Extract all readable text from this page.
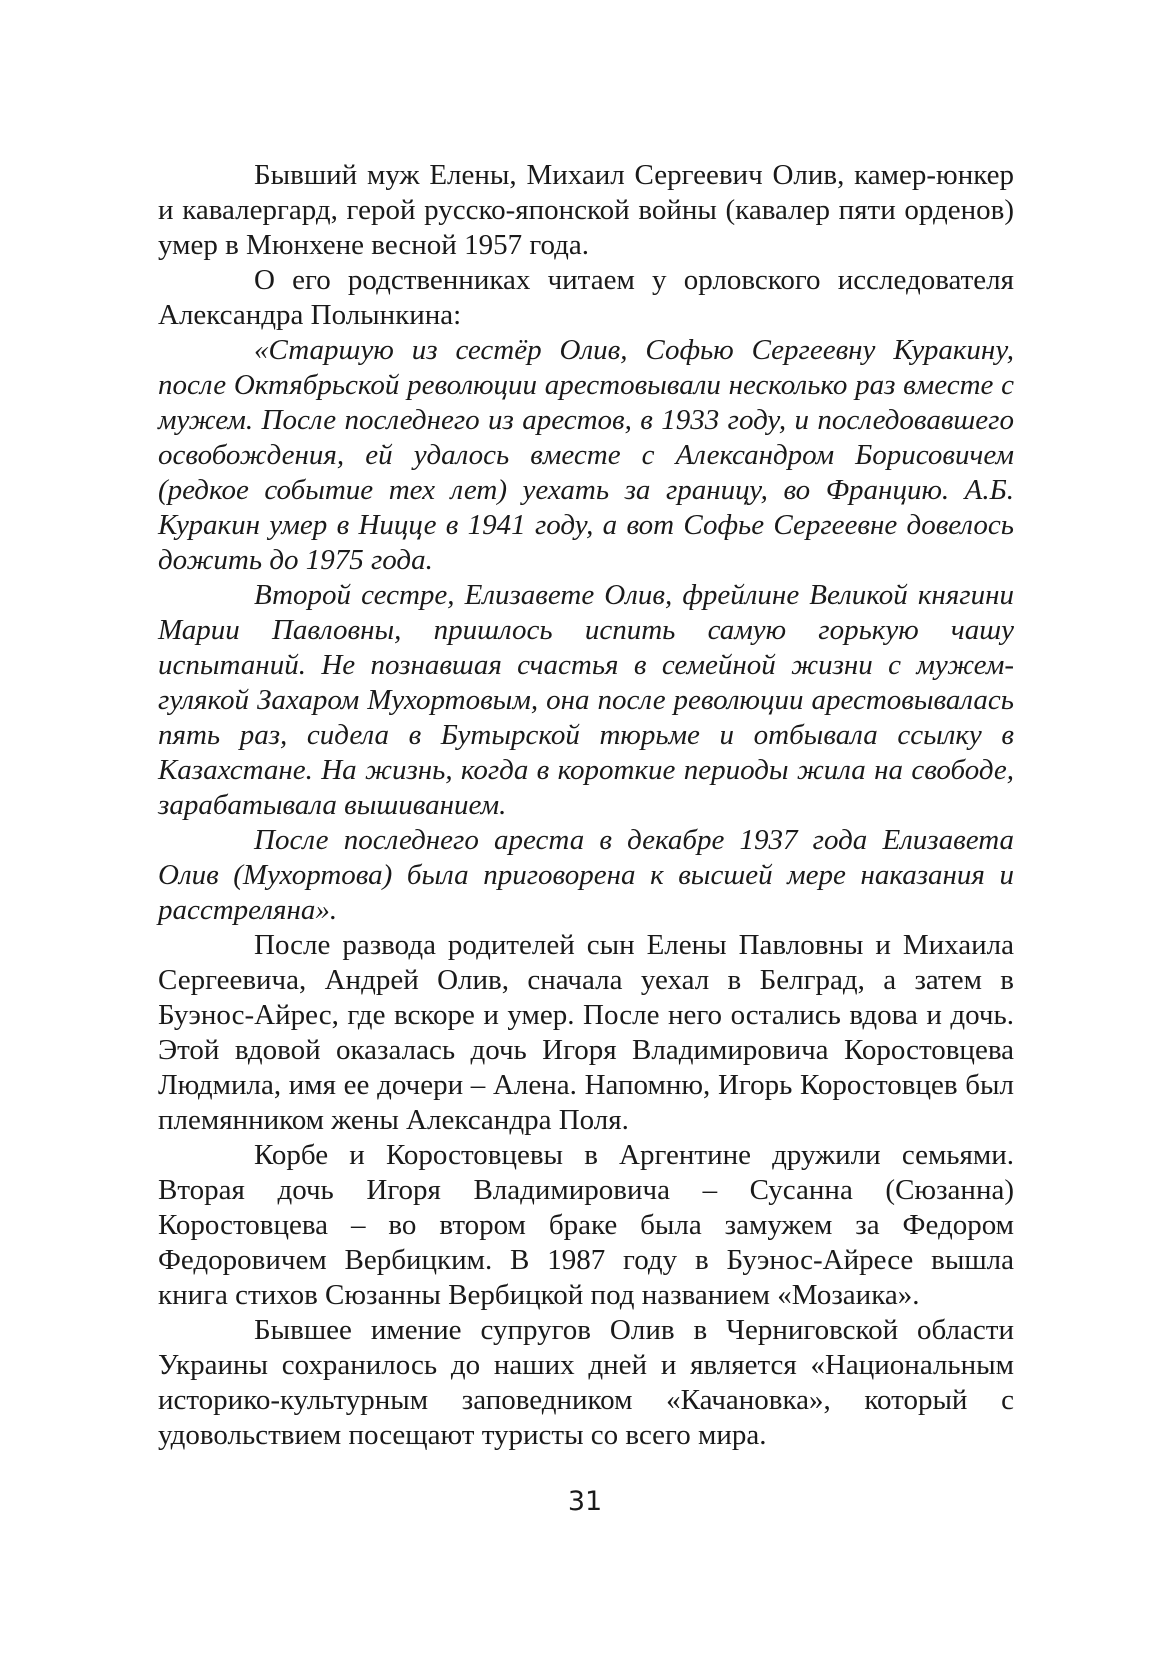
Бывший муж Елены, Михаил Сергеевич Олив, камер-юнкер и кавалергард, герой русско-японской войны (кавалер пяти орденов) умер в Мюнхене весной 1957 года.

О его родственниках читаем у орловского исследователя Александра Полынкина:

«Старшую из сестёр Олив, Софью Сергеевну Куракину, после Октябрьской революции арестовывали несколько раз вместе с мужем. После последнего из арестов, в 1933 году, и последовавшего освобождения, ей удалось вместе с Александром Борисовичем (редкое событие тех лет) уехать за границу, во Францию. А.Б. Куракин умер в Ницце в 1941 году, а вот Софье Сергеевне довелось дожить до 1975 года.

Второй сестре, Елизавете Олив, фрейлине Великой княгини Марии Павловны, пришлось испить самую горькую чашу испытаний. Не познавшая счастья в семейной жизни с мужем-гулякой Захаром Мухортовым, она после революции арестовывалась пять раз, сидела в Бутырской тюрьме и отбывала ссылку в Казахстане. На жизнь, когда в короткие периоды жила на свободе, зарабатывала вышиванием.

После последнего ареста в декабре 1937 года Елизавета Олив (Мухортова) была приговорена к высшей мере наказания и расстреляна».

После развода родителей сын Елены Павловны и Михаила Сергеевича, Андрей Олив, сначала уехал в Белград, а затем в Буэнос-Айрес, где вскоре и умер. После него остались вдова и дочь. Этой вдовой оказалась дочь Игоря Владимировича Коростовцева Людмила, имя ее дочери – Алена. Напомню, Игорь Коростовцев был племянником жены Александра Поля.

Корбе и Коростовцевы в Аргентине дружили семьями. Вторая дочь Игоря Владимировича – Сусанна (Сюзанна) Коростовцева – во втором браке была замужем за Федором Федоровичем Вербицким. В 1987 году в Буэнос-Айресе вышла книга стихов Сюзанны Вербицкой под названием «Мозаика».

Бывшее имение супругов Олив в Черниговской области Украины сохранилось до наших дней и является «Национальным историко-культурным заповедником «Качановка», который с удовольствием посещают туристы со всего мира.

31
